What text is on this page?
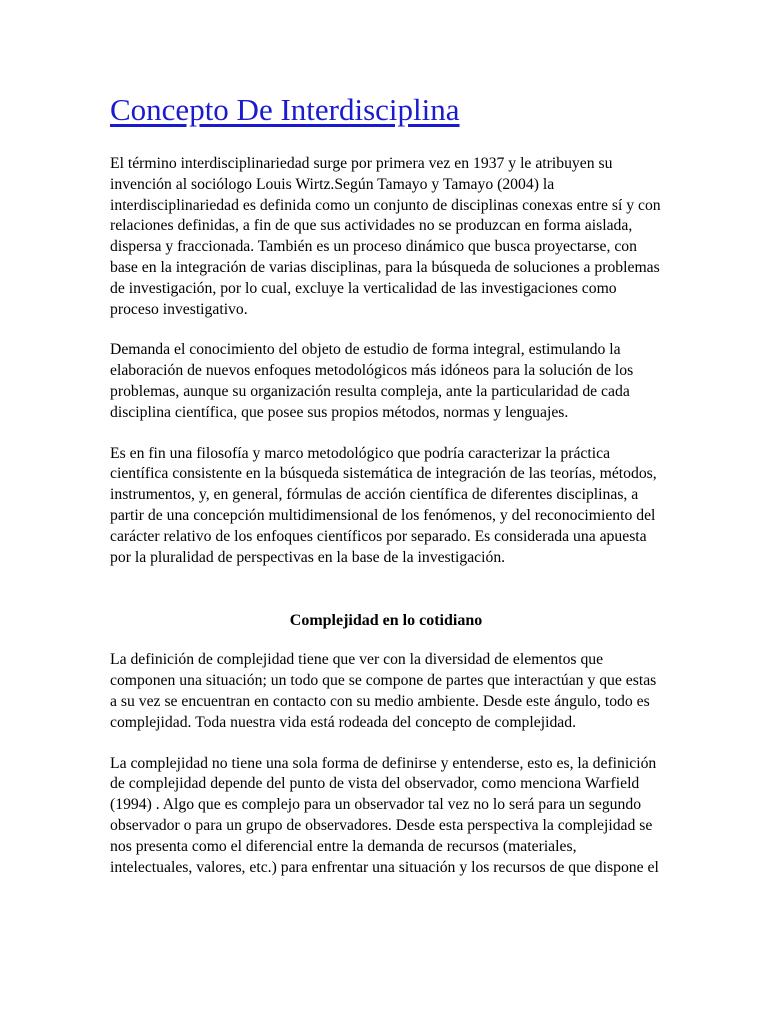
Concepto De Interdisciplina

El término interdisciplinariedad surge por primera vez en 1937 y le atribuyen su invención al sociólogo Louis Wirtz.Según Tamayo y Tamayo (2004) la interdisciplinariedad es definida como un conjunto de disciplinas conexas entre sí y con relaciones definidas, a fin de que sus actividades no se produzcan en forma aislada, dispersa y fraccionada. También es un proceso dinámico que busca proyectarse, con base en la integración de varias disciplinas, para la búsqueda de soluciones a problemas de investigación, por lo cual, excluye la verticalidad de las investigaciones como proceso investigativo.

Demanda el conocimiento del objeto de estudio de forma integral, estimulando la elaboración de nuevos enfoques metodológicos más idóneos para la solución de los problemas, aunque su organización resulta compleja, ante la particularidad de cada disciplina científica, que posee sus propios métodos, normas y lenguajes.

Es en fin una filosofía y marco metodológico que podría caracterizar la práctica científica consistente en la búsqueda sistemática de integración de las teorías, métodos, instrumentos, y, en general, fórmulas de acción científica de diferentes disciplinas, a partir de una concepción multidimensional de los fenómenos, y del reconocimiento del carácter relativo de los enfoques científicos por separado. Es considerada una apuesta por la pluralidad de perspectivas en la base de la investigación.

Complejidad en lo cotidiano

La definición de complejidad tiene que ver con la diversidad de elementos que componen una situación; un todo que se compone de partes que interactúan y que estas a su vez se encuentran en contacto con su medio ambiente. Desde este ángulo, todo es complejidad. Toda nuestra vida está rodeada del concepto de complejidad.

La complejidad no tiene una sola forma de definirse y entenderse, esto es, la definición de complejidad depende del punto de vista del observador, como menciona Warfield (1994) . Algo que es complejo para un observador tal vez no lo será para un segundo observador o para un grupo de observadores. Desde esta perspectiva la complejidad se nos presenta como el diferencial entre la demanda de recursos (materiales, intelectuales, valores, etc.) para enfrentar una situación y los recursos de que dispone el
